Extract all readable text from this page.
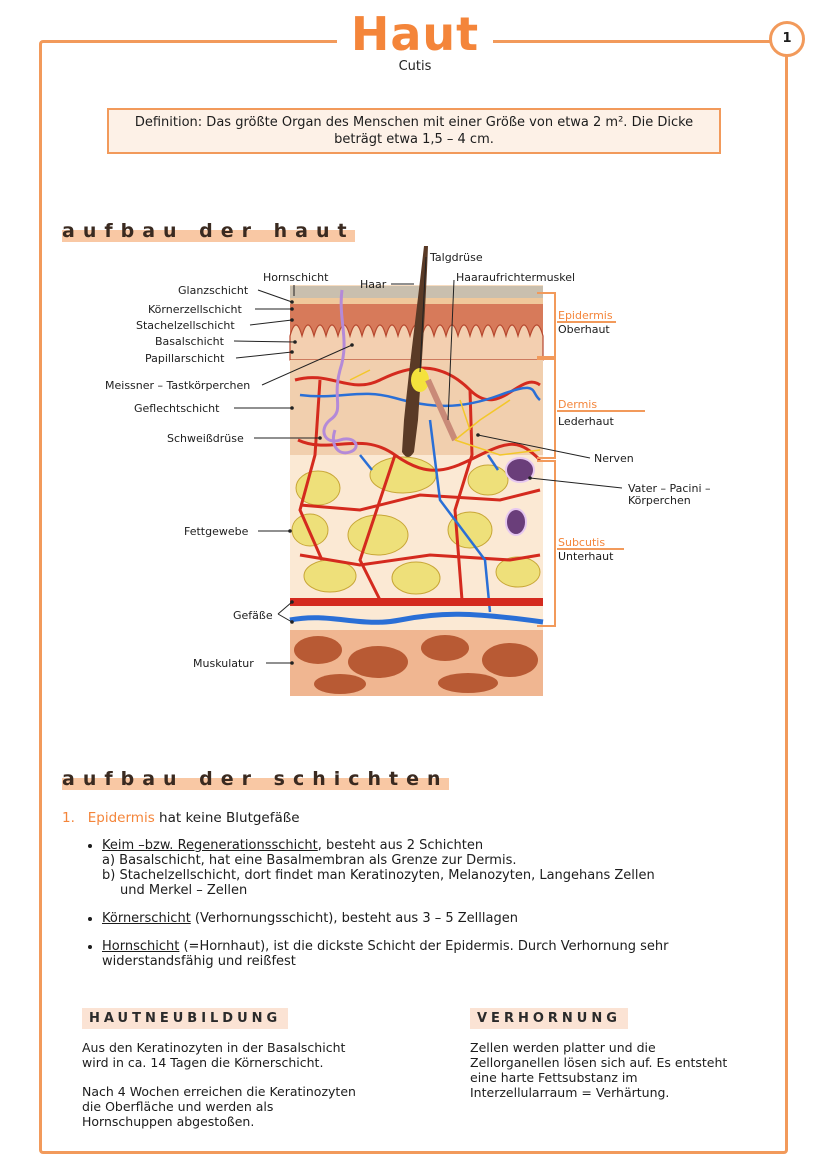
Haut
Cutis
1
Definition: Das größte Organ des Menschen mit einer Größe von etwa 2 m². Die Dicke
beträgt etwa 1,5 – 4 cm.
aufbau der haut
Hornschicht
Glanzschicht
Körnerzellschicht
Stachelzellschicht
Basalschicht
Papillarschicht
Meissner – Tastkörperchen
Geflechtschicht
Schweißdrüse
Fettgewebe
Gefäße
Muskulatur
Haar
Talgdrüse
Haaraufrichtermuskel
Nerven
Vater – Pacini –
Körperchen
Epidermis
Oberhaut
Dermis
Lederhaut
Subcutis
Unterhaut
aufbau der schichten
1. Epidermis hat keine Blutgefäße
• Keim –bzw. Regenerationsschicht, besteht aus 2 Schichten
a) Basalschicht, hat eine Basalmembran als Grenze zur Dermis.
b) Stachelzellschicht, dort findet man Keratinozyten, Melanozyten, Langehans Zellen
und Merkel – Zellen
• Körnerschicht (Verhornungsschicht), besteht aus 3 – 5 Zelllagen
• Hornschicht (=Hornhaut), ist die dickste Schicht der Epidermis. Durch Verhornung sehr
widerstandsfähig und reißfest
HAUTNEUBILDUNG
Aus den Keratinozyten in der Basalschicht
wird in ca. 14 Tagen die Körnerschicht.
Nach 4 Wochen erreichen die Keratinozyten
die Oberfläche und werden als
Hornschuppen abgestoßen.
VERHORNUNG
Zellen werden platter und die
Zellorganellen lösen sich auf. Es entsteht
eine harte Fettsubstanz im
Interzellularraum = Verhärtung.
